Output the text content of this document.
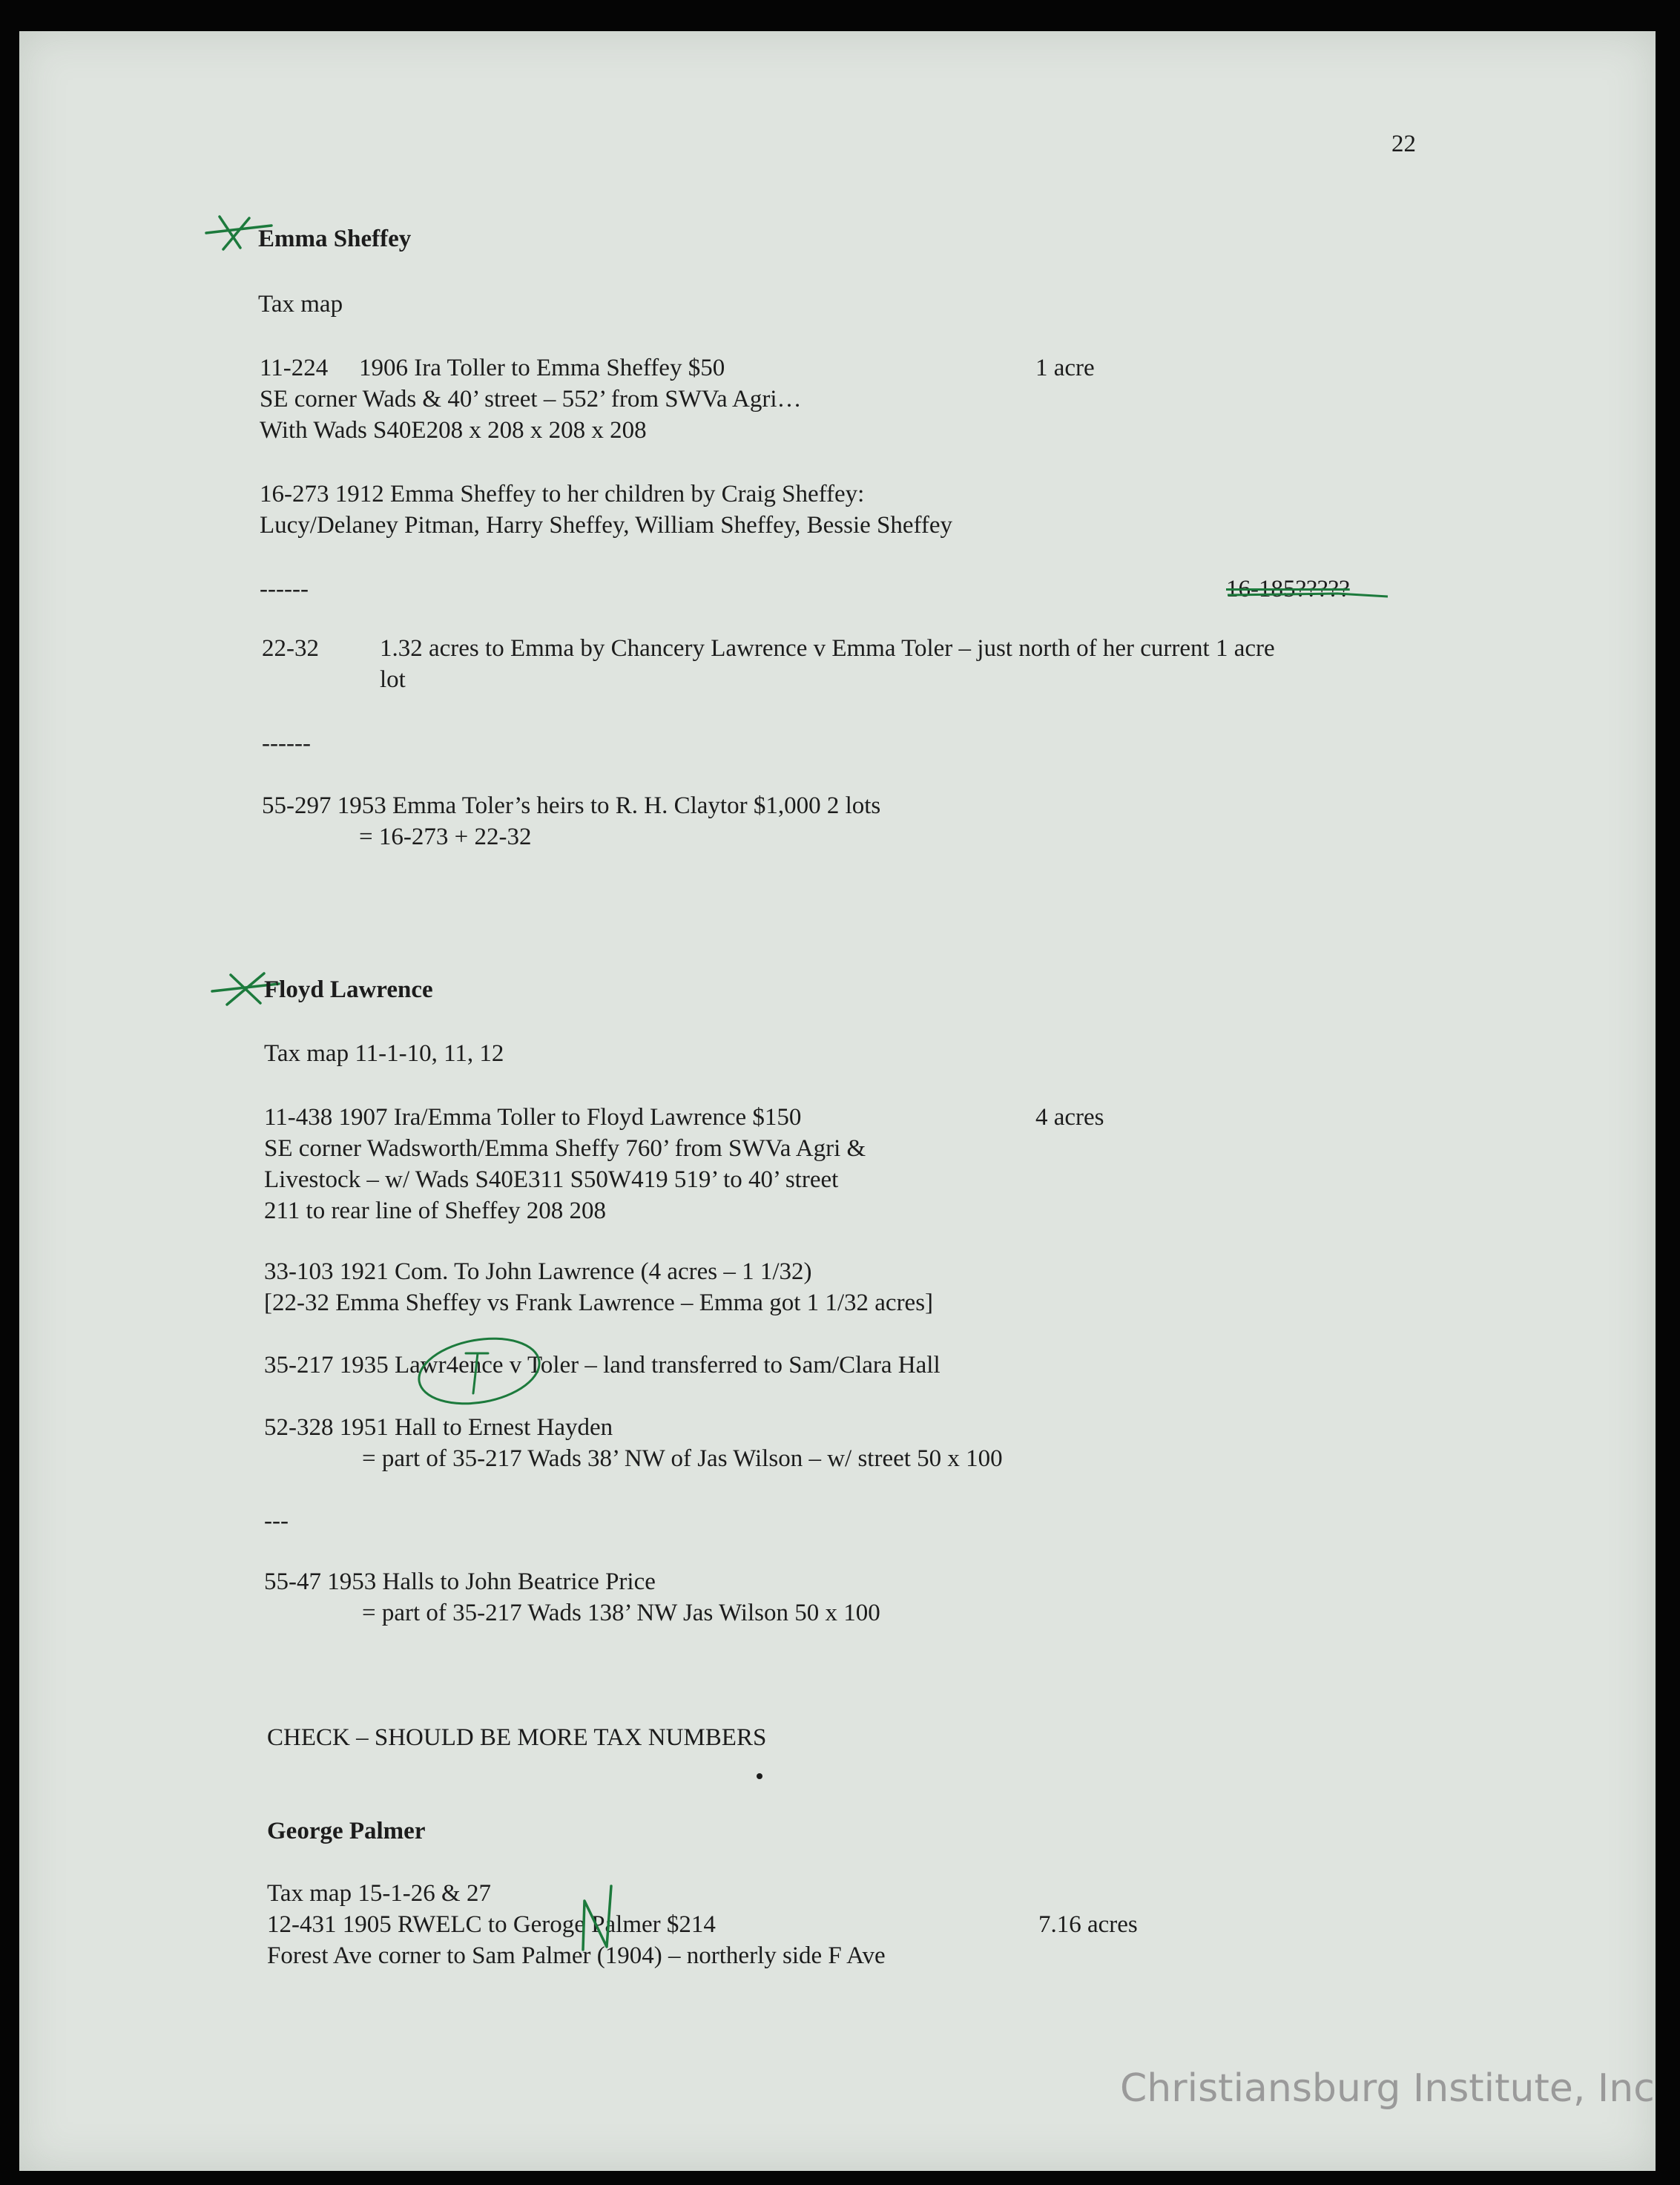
22
Emma Sheffey
Tax map
11-224 1906 Ira Toller to Emma Sheffey $50	1 acre
SE corner Wads & 40’ street – 552’ from SWVa Agri…
With Wads S40E208 x 208 x 208 x 208
16-273 1912 Emma Sheffey to her children by Craig Sheffey:
Lucy/Delaney Pitman, Harry Sheffey, William Sheffey, Bessie Sheffey
------	16-185?????
22-32 1.32 acres to Emma by Chancery Lawrence v Emma Toler – just north of her current 1 acre
lot
------
55-297 1953 Emma Toler’s heirs to R. H. Claytor $1,000 2 lots
= 16-273 + 22-32
Floyd Lawrence
Tax map 11-1-10, 11, 12
11-438 1907 Ira/Emma Toller to Floyd Lawrence $150	4 acres
SE corner Wadsworth/Emma Sheffy 760’ from SWVa Agri &
Livestock – w/ Wads S40E311 S50W419 519’ to 40’ street
211 to rear line of Sheffey 208 208
33-103 1921 Com. To John Lawrence (4 acres – 1 1/32)
[22-32 Emma Sheffey vs Frank Lawrence – Emma got 1 1/32 acres]
35-217 1935 Lawr4ence v Toler – land transferred to Sam/Clara Hall
52-328 1951 Hall to Ernest Hayden
= part of 35-217 Wads 38’ NW of Jas Wilson – w/ street 50 x 100
---
55-47 1953 Halls to John Beatrice Price
= part of 35-217 Wads 138’ NW Jas Wilson 50 x 100
CHECK – SHOULD BE MORE TAX NUMBERS
George Palmer
Tax map 15-1-26 & 27
12-431 1905 RWELC to Geroge Palmer $214	7.16 acres
Forest Ave corner to Sam Palmer (1904) – northerly side F Ave
Christiansburg Institute, Inc
